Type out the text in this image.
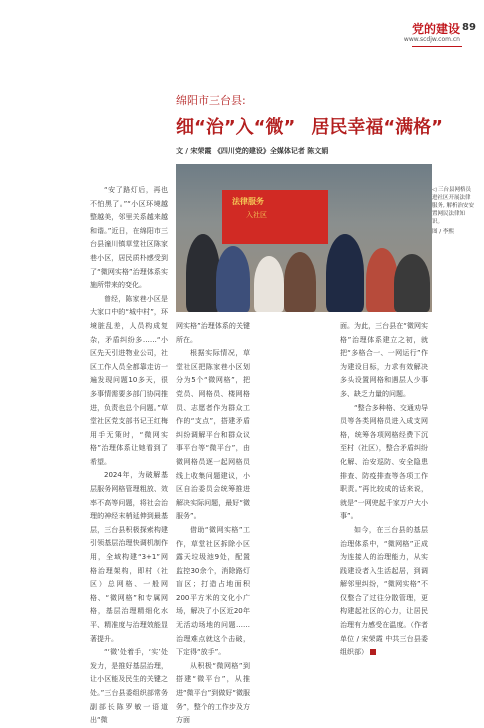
党的建设
www.scdjw.com.cn
89
绵阳市三台县:
细“治”入“微” 居民幸福“满格”
文 / 宋荣霞 《四川党的建设》全媒体记者 陈文娟
法律服务
入社区
◁ 三台县网格员进社区开展法律服务, 解析治安安置网民法律知识。
图 / 李熙

“安了路灯后，再也不怕黑了。”“小区环境越整越美，邻里关系越来越和谐。”近日，在绵阳市三台县潼川镇草堂社区陈家巷小区，居民质朴感受到了“微网实格”治理体系实施所带来的变化。

曾经，陈家巷小区是大家口中的“城中村”，环境脏乱差，人员构成复杂，矛盾纠纷多……“小区先天引进物业公司，社区工作人员全都靠走访一遍发现问题10多天，很多事情需要多部门协同推进，负责也总个问题。”草堂社区党支部书记王红梅用手无策时，“微网实格”治理体系让她看到了希望。

2024年，为破解基层服务网格管理粗放、效率不高等问题，将社会治理的神经末梢延伸到最基层，三台县积极探索构建引领基层治理快调机制作用，全域构建“3+1”网格治理架构，即村（社区）总网格、一般网格、“微网格”和专属网格，基层治理精细化水平、精准度与治理效能显著提升。

“‘微’处着手，‘实’处发力，是推好基层治理，让小区能及民生的关键之处。”三台县委组织部常务副部长陈罗敏一语道出“微

网实格”治理体系的关键所在。

根据实际情况，草堂社区把陈家巷小区划分为5个“微网格”，把党员、网格员、楼网格员、志愿者作为群众工作的“支点”，搭建矛盾纠纷调解平台和群众议事平台等“微平台”，由微网格员逐一起网格员线上收集问题建议，小区自治委员会统筹推进解决实际问题，最好“微服务”。

借助“微网实格”工作，草堂社区拆除小区露天垃圾池9处，配置监控30余个，消除路灯盲区；打造占地面积200平方米的文化小广场，解决了小区近20年无活动场地的问题……治理难点就这个击破，下定得“放手”。

从积极“微网格”到搭建“微平台”，从推进“微平台”到做好“微服务”，整个的工作步及方方面

面。为此，三台县在“微网实格”治理体系建立之初，就把“多格合一、一网运行”作为建设目标，力求有效解决多头设置网格和遇层人少事多、缺乏力量的问题。

“整合多种格、交通劝导员等各类网格员进入成支网格，统筹各项网格经费下沉至村（社区），整合矛盾纠纷化解、治安巡防、安全隐患排查、防疫排查等各项工作职责。”再比较成的话来说，就是“一网兜起千家万户大小事”。

如今，在三台县的基层治理体系中，“微网格”正成为连接人的治理能力，从实践建设者入生活起居，到调解邻里纠纷，“微网实格”不仅整合了过往分散管理，更构建起社区的心力，让居民治理有力感受在温度。（作者单位 / 宋荣霞 中共三台县委组织部）
